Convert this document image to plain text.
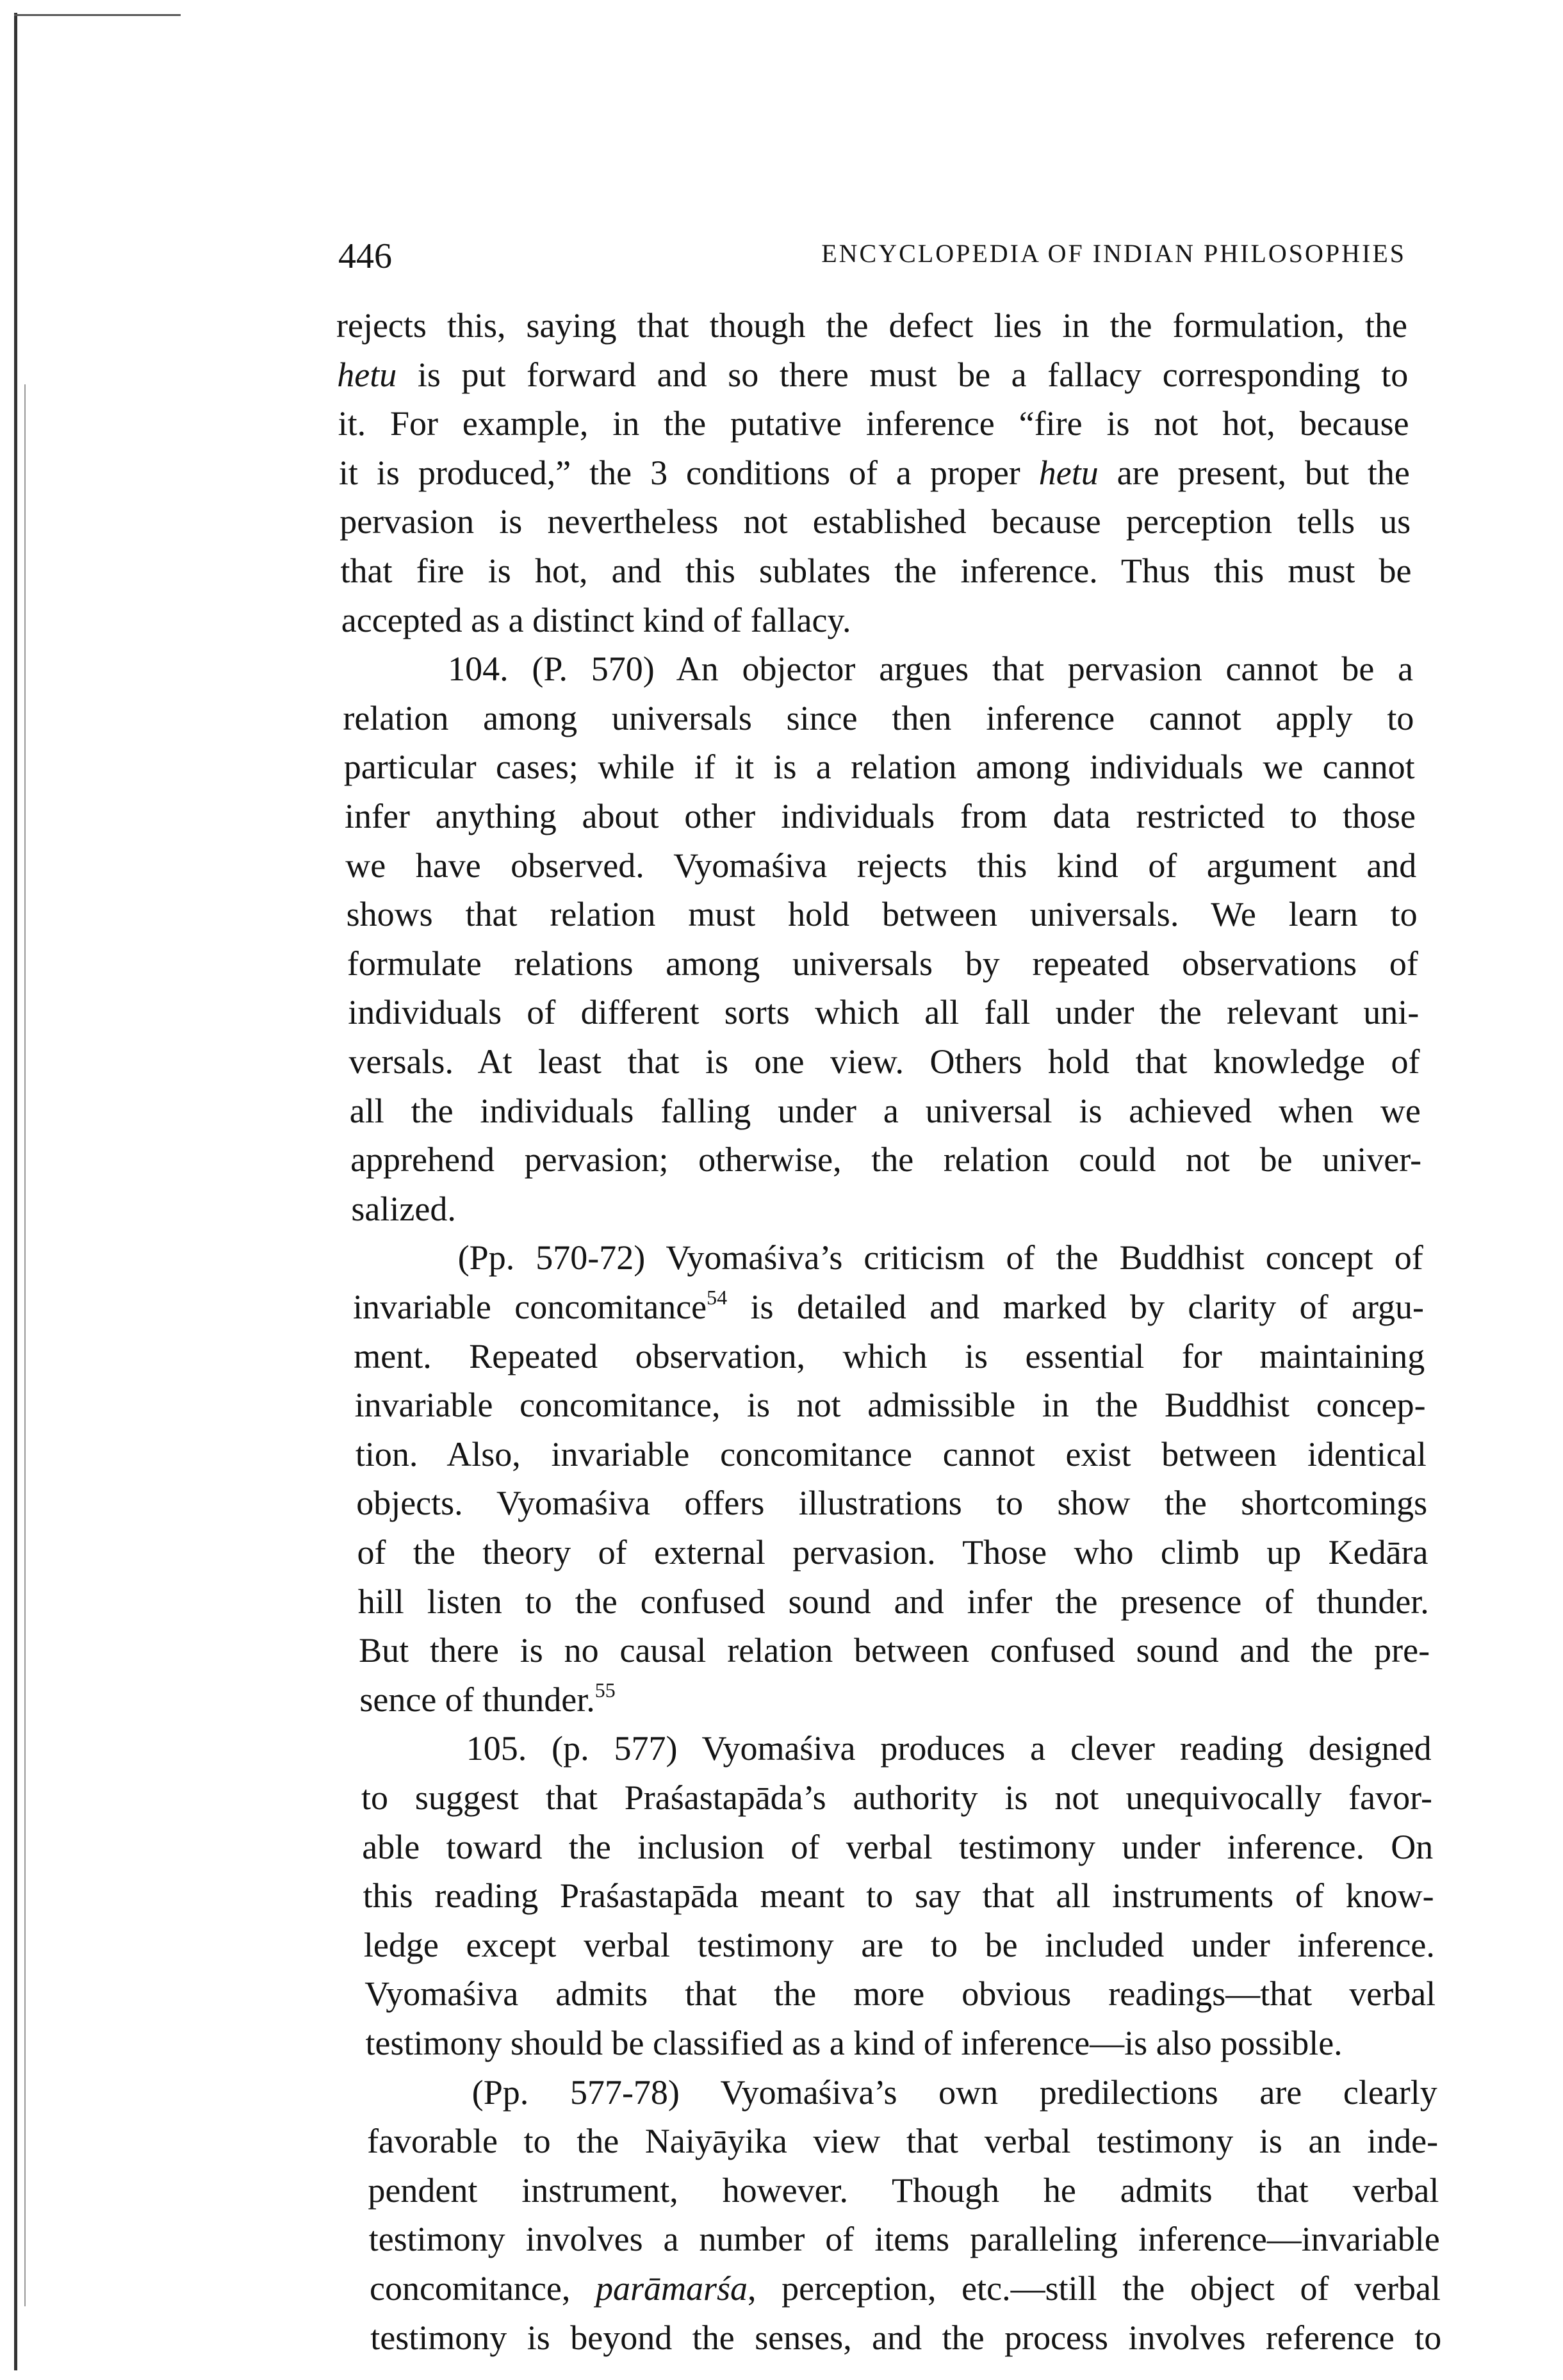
446	ENCYCLOPEDIA OF INDIAN PHILOSOPHIES
rejects this, saying that though the defect lies in the formulation, the
hetu is put forward and so there must be a fallacy corresponding to
it. For example, in the putative inference “fire is not hot, because
it is produced,” the 3 conditions of a proper hetu are present, but the
pervasion is nevertheless not established because perception tells us
that fire is hot, and this sublates the inference. Thus this must be
accepted as a distinct kind of fallacy.
104. (P. 570) An objector argues that pervasion cannot be a
relation among universals since then inference cannot apply to
particular cases; while if it is a relation among individuals we cannot
infer anything about other individuals from data restricted to those
we have observed. Vyomaśiva rejects this kind of argument and
shows that relation must hold between universals. We learn to
formulate relations among universals by repeated observations of
individuals of different sorts which all fall under the relevant uni-
versals. At least that is one view. Others hold that knowledge of
all the individuals falling under a universal is achieved when we
apprehend pervasion; otherwise, the relation could not be univer-
salized.
(Pp. 570-72) Vyomaśiva’s criticism of the Buddhist concept of
invariable concomitance$^{54}$ is detailed and marked by clarity of argu-
ment. Repeated observation, which is essential for maintaining
invariable concomitance, is not admissible in the Buddhist concep-
tion. Also, invariable concomitance cannot exist between identical
objects. Vyomaśiva offers illustrations to show the shortcomings
of the theory of external pervasion. Those who climb up Kedāra
hill listen to the confused sound and infer the presence of thunder.
But there is no causal relation between confused sound and the pre-
sence of thunder.$^{55}$
105. (p. 577) Vyomaśiva produces a clever reading designed
to suggest that Praśastapāda’s authority is not unequivocally favor-
able toward the inclusion of verbal testimony under inference. On
this reading Praśastapāda meant to say that all instruments of know-
ledge except verbal testimony are to be included under inference.
Vyomaśiva admits that the more obvious readings—that verbal
testimony should be classified as a kind of inference—is also possible.
(Pp. 577-78) Vyomaśiva’s own predilections are clearly
favorable to the Naiyāyika view that verbal testimony is an inde-
pendent instrument, however. Though he admits that verbal
testimony involves a number of items paralleling inference—invariable
concomitance, parāmarśa, perception, etc.—still the object of verbal
testimony is beyond the senses, and the process involves reference to
